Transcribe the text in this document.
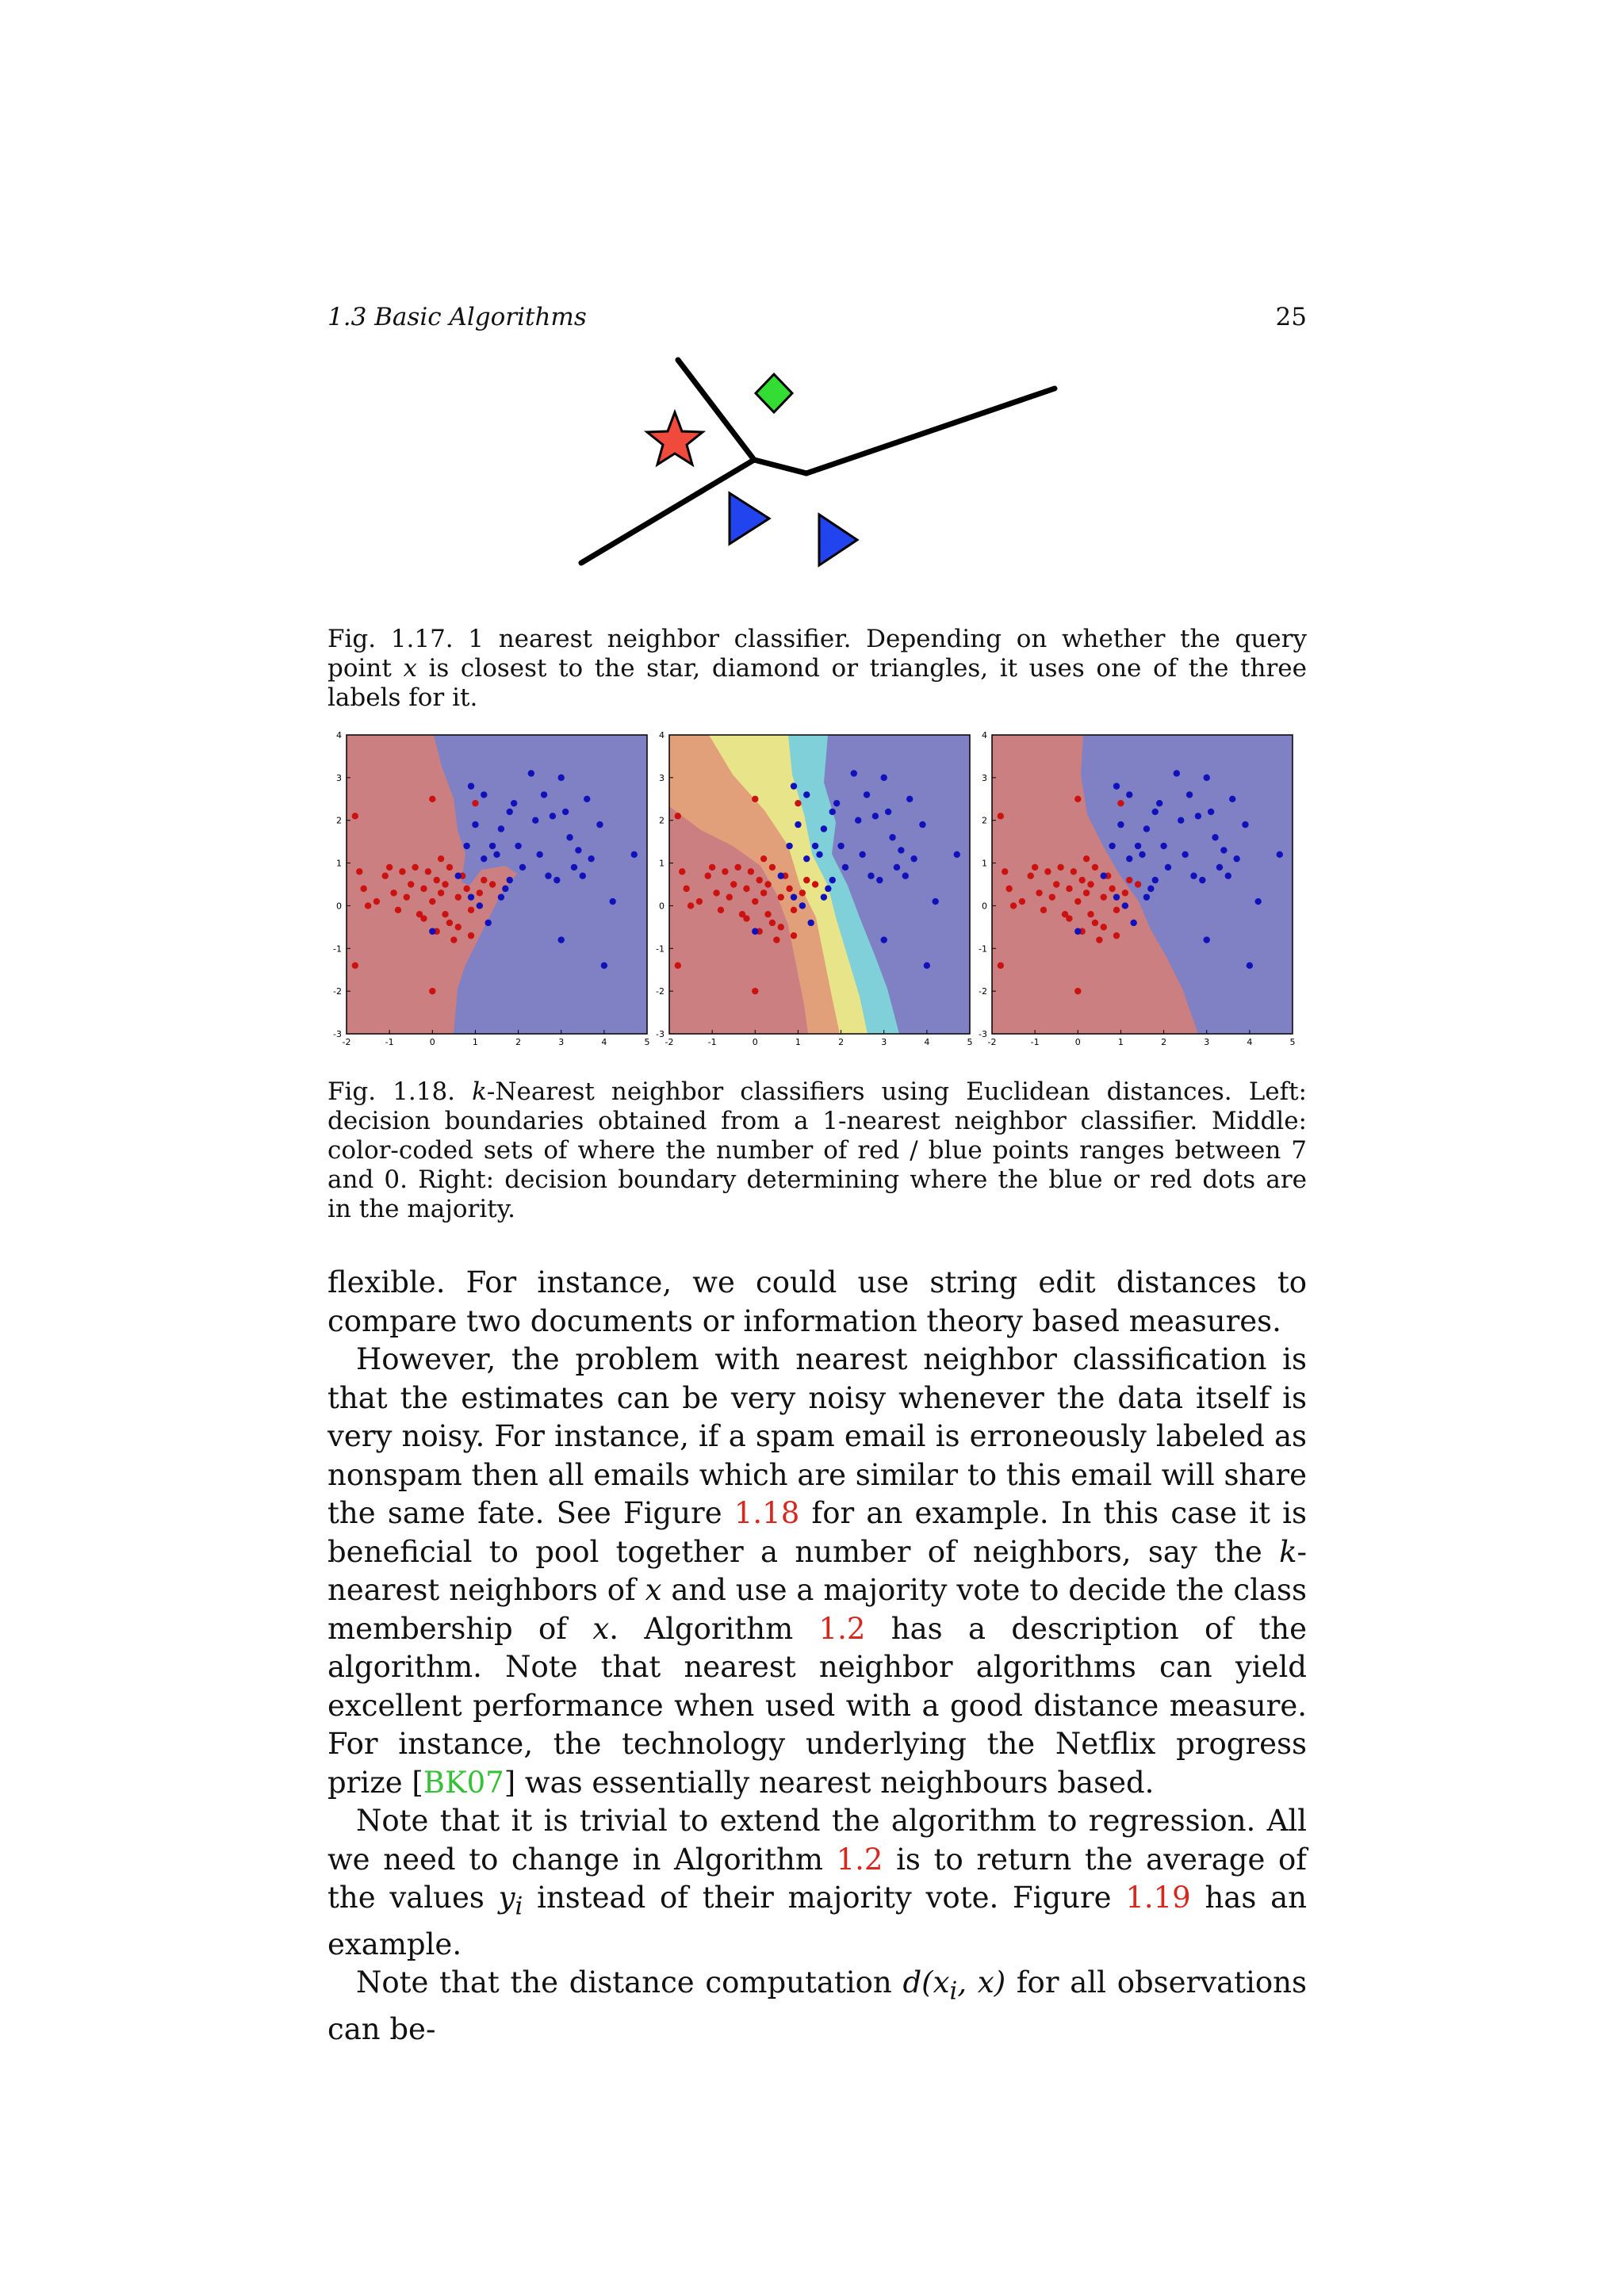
1.3 Basic Algorithms	25
Fig. 1.17. 1 nearest neighbor classifier. Depending on whether the query point x is closest to the star, diamond or triangles, it uses one of the three labels for it.
-2	-1	0	1	2	3	4	5
-3
-2
-1
0
1
2
3
4
-2	-1	0	1	2	3	4	5
-3
-2
-1
0
1
2
3
4
-2	-1	0	1	2	3	4	5
-3
-2
-1
0
1
2
3
4
Fig. 1.18. k-Nearest neighbor classifiers using Euclidean distances. Left: decision boundaries obtained from a 1-nearest neighbor classifier. Middle: color-coded sets of where the number of red / blue points ranges between 7 and 0. Right: decision boundary determining where the blue or red dots are in the majority.

flexible. For instance, we could use string edit distances to compare two documents or information theory based measures.

However, the problem with nearest neighbor classification is that the estimates can be very noisy whenever the data itself is very noisy. For instance, if a spam email is erroneously labeled as nonspam then all emails which are similar to this email will share the same fate. See Figure 1.18 for an example. In this case it is beneficial to pool together a number of neighbors, say the k-nearest neighbors of x and use a majority vote to decide the class membership of x. Algorithm 1.2 has a description of the algorithm. Note that nearest neighbor algorithms can yield excellent performance when used with a good distance measure. For instance, the technology underlying the Netflix progress prize [BK07] was essentially nearest neighbours based.

Note that it is trivial to extend the algorithm to regression. All we need to change in Algorithm 1.2 is to return the average of the values $y_i$ instead of their majority vote. Figure 1.19 has an example.

Note that the distance computation $d(x_i$, x) for all observations can be-
